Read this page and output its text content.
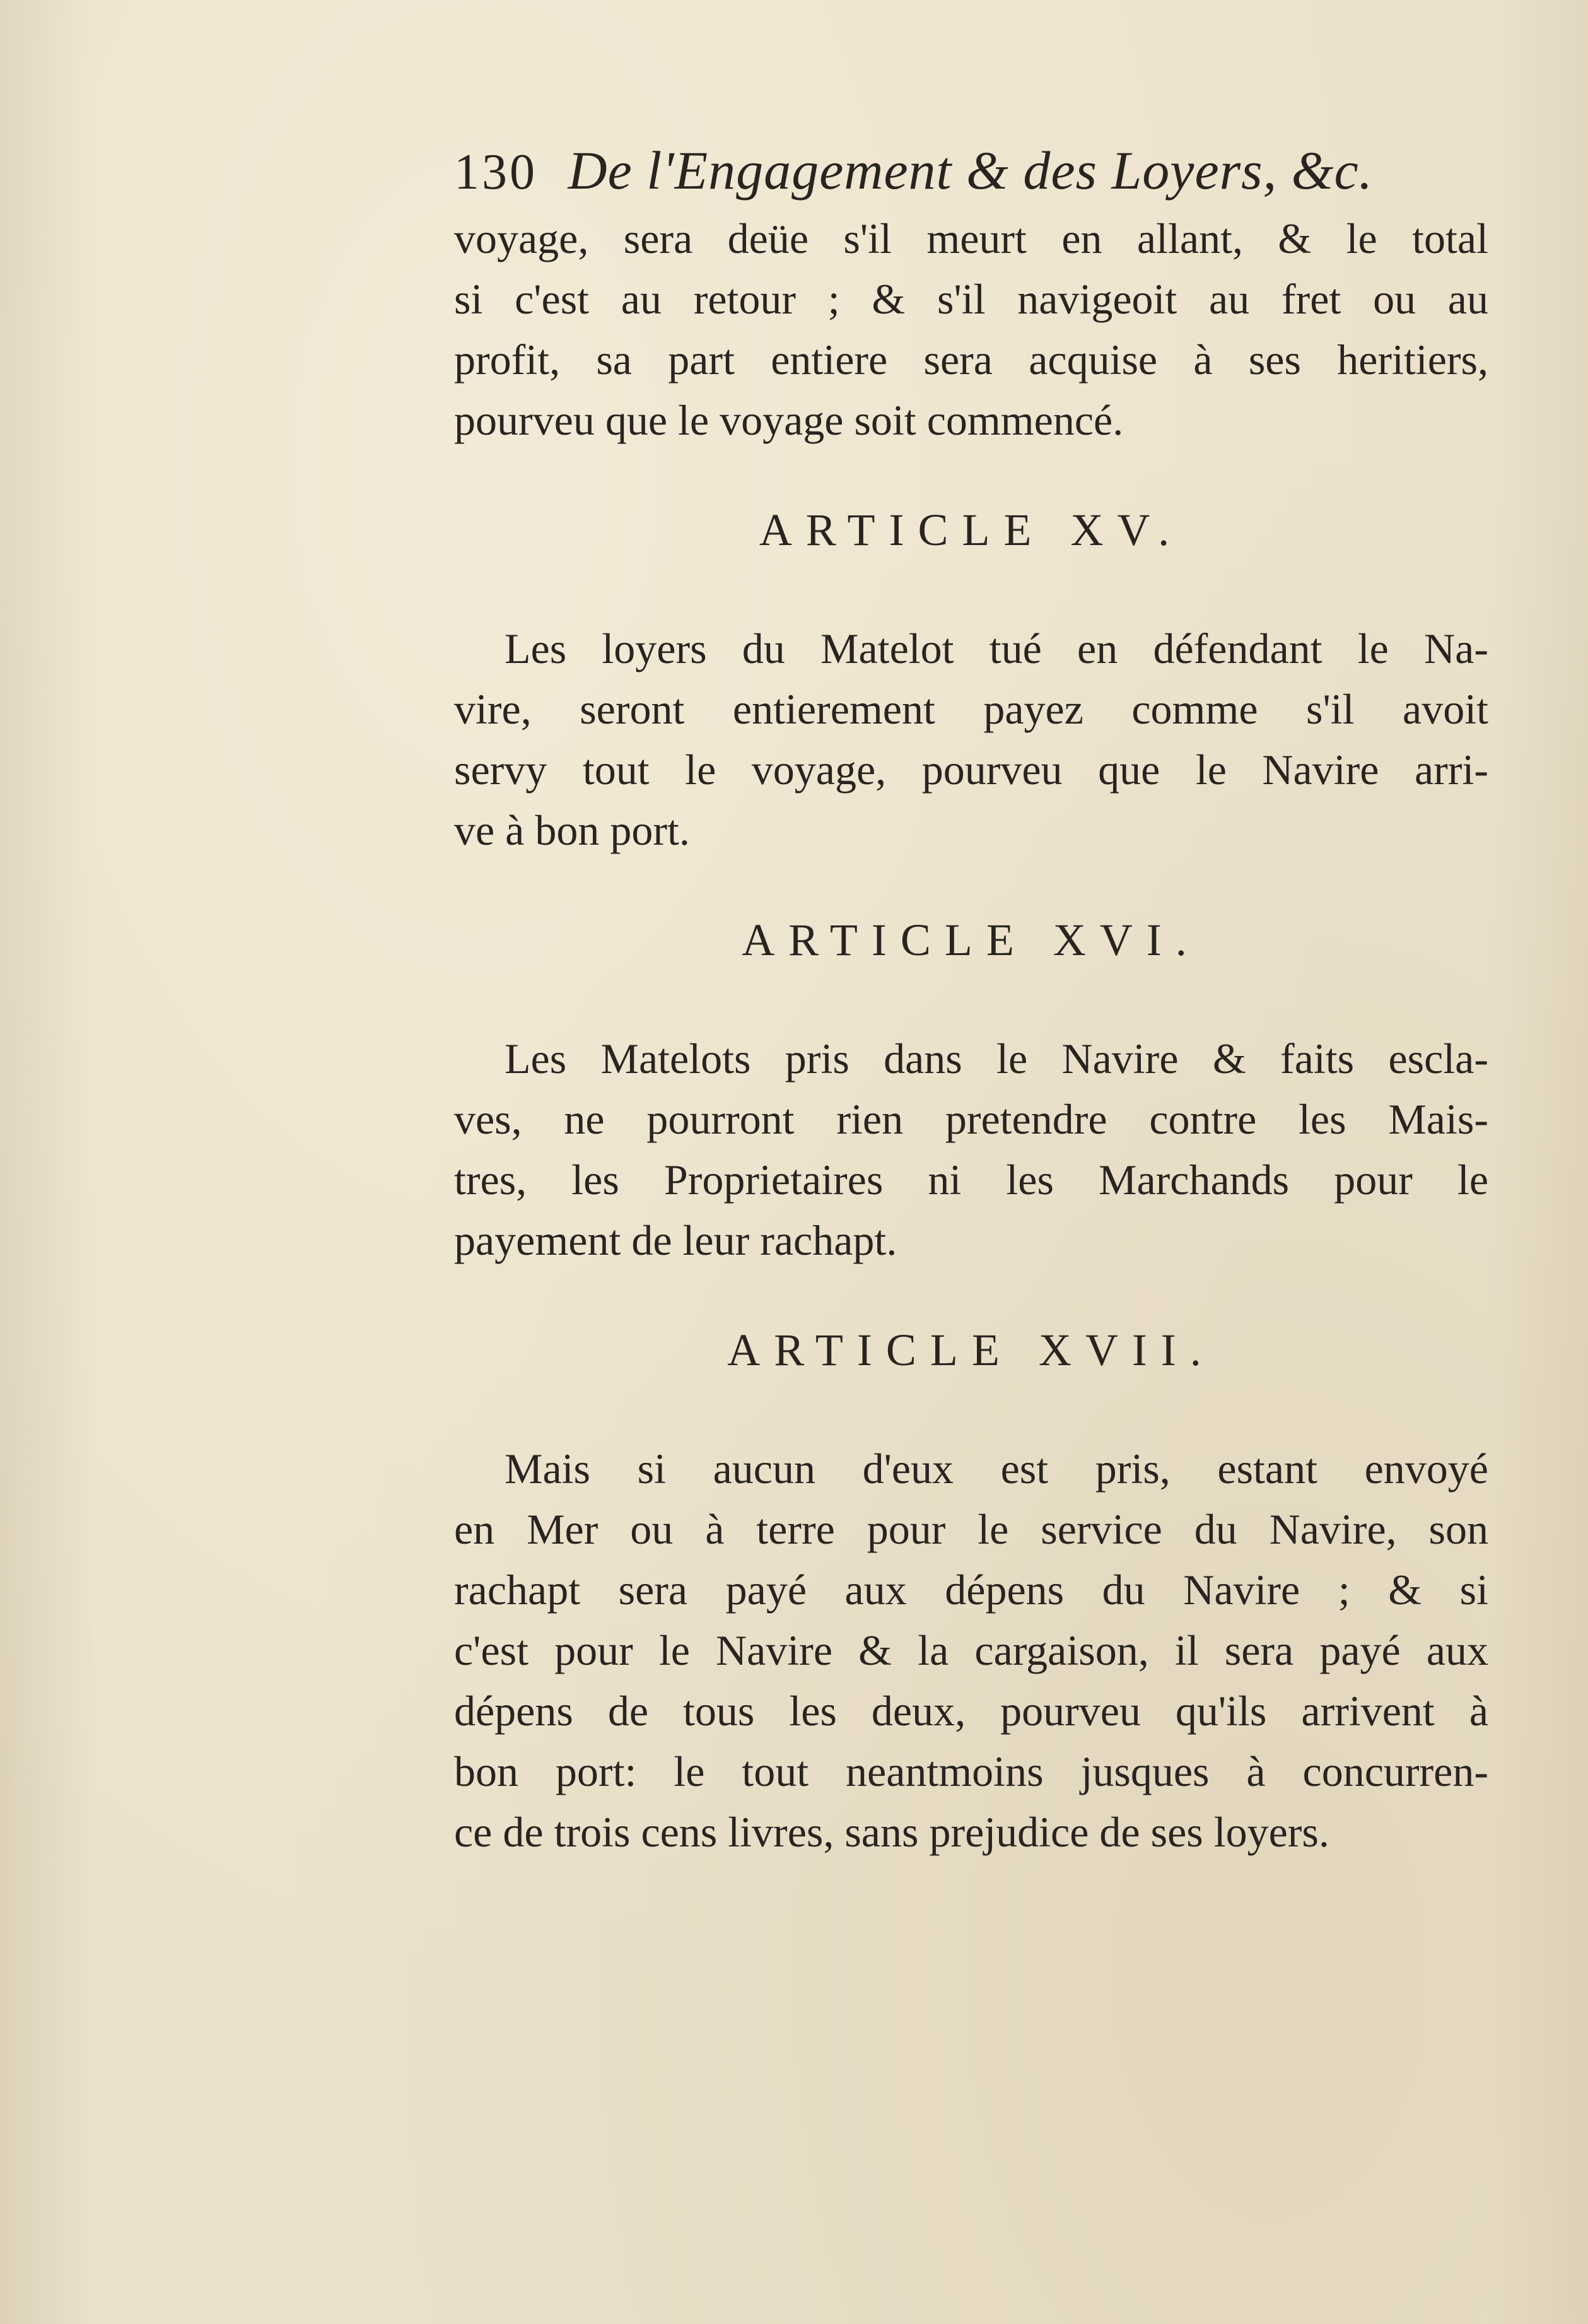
130 De l'Engagement & des Loyers, &c.
voyage, sera deüe s'il meurt en allant, & le total
si c'est au retour ; & s'il navigeoit au fret ou au
profit, sa part entiere sera acquise à ses heritiers,
pourveu que le voyage soit commencé.
ARTICLE XV.
Les loyers du Matelot tué en défendant le Na-
vire, seront entierement payez comme s'il avoit
servy tout le voyage, pourveu que le Navire arri-
ve à bon port.
ARTICLE XVI.
Les Matelots pris dans le Navire & faits escla-
ves, ne pourront rien pretendre contre les Mais-
tres, les Proprietaires ni les Marchands pour le
payement de leur rachapt.
ARTICLE XVII.
Mais si aucun d'eux est pris, estant envoyé
en Mer ou à terre pour le service du Navire, son
rachapt sera payé aux dépens du Navire ; & si
c'est pour le Navire & la cargaison, il sera payé aux
dépens de tous les deux, pourveu qu'ils arrivent à
bon port: le tout neantmoins jusques à concurren-
ce de trois cens livres, sans prejudice de ses loyers.
